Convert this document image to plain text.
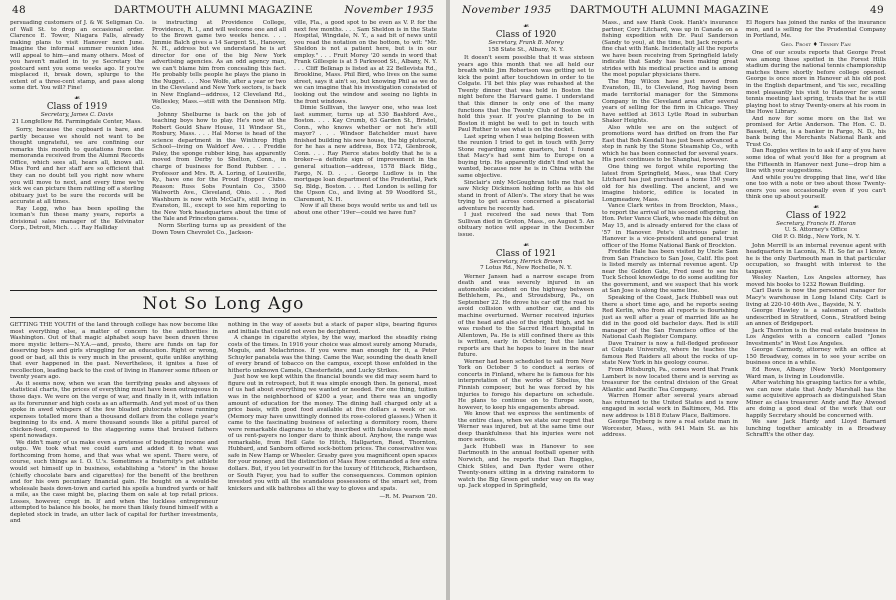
48	DARTMOUTH ALUMNI MAGAZINE	November 1935

persuading customers of J. & W. Seligman Co. of Wall St. to drop an occasional order. Clarence E. Tower, Niagara Falls, already making plans to visit Hanover next June. Imagine the informal summer reunion idea will appeal to him—and many others. Most of you haven't mailed in to ye Secretary the postcard sent you some weeks ago. If you're misplaced it, break down, splurge to the extent of a three-cent stamp, and pass along some dirt. You will? Fine!

☙
Class of 1919
Secretary, James C. Davis
21 Longfellow Rd. Farmingdale Center, Mass.

Sorry, because the cupboard is bare, and partly because we should not want to be thought ungrateful, we are confining our remarks this month to quotations from the memoranda received from the Alumni Records Office, which sees all, hears all, knows all. Miss Ford and her staff are so efficient that they can no doubt tell you right now where you will move to next, and every time we're sick we can picture them rattling off a sterling obituary just to be sure the records will be accurate at all times.

Ray Legg, who has been spoiling the iceman's fun these many years, reports a divisional sales manager of the Kelvinator Corp., Detroit, Mich. . . . Ray Halliday

is instructing at Providence College, Providence, R. I., and will welcome one and all to the Brown game two weeks hence. . . . Jimmie Balch gives a 14 Sargent St., Hanover, N. H., address but we understand he is art director for one of the big New York advertising agencies. As an odd agency man, we can't blame him from concealing this fact. He probably tells people he plays the piano in the Nugget. . . . Noe Wolfe, after a year or two in the Cleveland and New York sectors, is back in New England—address, 12 Cleveland Rd., Wellesley, Mass.—still with the Dennison Mfg. Co.

Johnny Shelburne is back on the job of teaching boys how to play. He's now at the Robert Gould Shaw House, 11 Windsor St., Roxbury, Mass. . . . Hal Morse is head of the science department in the Winthrop High School—living on Waldorf Ave. . . . Freddie Paley, the sponge rubber king, has apparently moved from Derby to Shelton, Conn., in charge of business for Bond Rubber. . . . Professor and Mrs. R. A. Loring, of Louisville, Ky., have one for the Proud Hopper Clubs. Reason: Russ Sobs Fountain Co., 3500 Walworth Ave., Cleveland, Ohio. . . . Red Washburn is now with McCall's, still living in Evanston, Ill., except to see him reporting to the New York headquarters about the time of the Yale and Princeton games.

Norm Sterling turns up as president of the Down Town Chevrolet Co., Jackson-

ville, Fla., a good spot to be even as V. P. for the next few months. . . . Sam Sheldon is in the State Hospital, Wingdale, N. Y., a sad bit of news until you read the notation on the bottom, to wit: "Mr. Sheldon is not a patient here, but is in our employ." . . . Fruit Morey '20 sends in word that Frank Gillespie is at 5 Parkwood St., Albany, N. Y. . . . Cliff Belknap is listed as at 22 Bellevista Rd., Brookline, Mass. Phil Bird, who lives on the same street, says it ain't so, but knowing Phil as we do we can imagine that his investigation consisted of looking out the window and seeing no lights in the front windows.

Dimie Sullivan, the lawyer one, who was lost last summer, turns up at 530 Bashford Ave., Boston. . . . Kay Crumb, 63 Garden St., Bristol, Conn., who knows whether or not he's still mayor? . . . Windsor Batchelder must have finished building his new house, the big plutocrat, for he has a new address, Box 172, Glenbrook, Conn. . . . Ray Pierce states boldly that he is a broker—a definite sign of improvement in the general situation—address, 1578 Black Bldg., Fargo, N. D. . . . George Ludlow is in the mortgage loan department of the Prudential, Park Sq. Bldg., Boston. . . . Red London is selling for the Upson Co., and living at 59 Woodford St., Claremont, N. H.

Now if all these boys would write us and tell us about one other '19er—could we have fun?

Not So Long Ago

GETTING THE YOUTH of the land through college has now become like most everything else, a matter of concern to the authorities in Washington. Out of that magic alphabet soup have been drawn three more mystic letters—N.Y.A.—and, presto, there are funds on tap for deserving boys and girls struggling for an education. Right or wrong, good or bad, all this is very much in the present, quite unlike anything that ever happened in the past. Nevertheless, it ignites a fuse of recollection, leading back to the cost of living in Hanover some fifteen or twenty years ago.

As it seems now, when we scan the terrifying peaks and abysses of statistical charts, the prices of everything must have been outrageous in those days. We were on the verge of war, and finally in it, with inflation as its forerunner and high costs as an aftermath. And yet most of us then spoke in awed whispers of the few bloated plutocrats whose running expenses totalled more than a thousand dollars from the college year's beginning to its end. A mere thousand sounds like a pitiful parcel of chicken-feed, compared to the staggering sums that bruised fathers spent nowadays.

We didn't many of us make even a pretense of budgeting income and outgo. We took what we could earn and added it to what was forthcoming from home, and that was what we spent. There were, of course, such things as I. O. U.'s. Sometimes a fraternity's pet athlete would set himself up in business, establishing a "store" in the house (chiefly chocolate bars and cigarettes) for the benefit of the brethren and for his own pecuniary financial gain. He bought on a would-be wholesale basis down-town and carted his spoils a hundred yards or half a mile, as the case might be, placing them on sale at top retail prices. Losses, however, crept in. If and when the luckless entrepreneur attempted to balance his books, he more than likely found himself with a depleted stock in trade, an utter lack of capital for further investments, and

nothing in the way of assets but a stack of paper slips, bearing figures and initials that could not even be deciphered.

A change in cigarette styles, by the way, marked the steadily rising costs of the times. In 1916 your choice was almost surely among Murads, Moguls, and Melachrinos. If you were man enough for it, a Peter Schuyler panatela was the thing. Came the War, sounding the death knell of every brand of tobacco on the campus, except those enfolded in the hitherto unknown Camels, Chesterfields, and Lucky Strikes.

Just how we kept within the financial bounds we did may seem hard to figure out in retrospect, but it was simple enough then. In general, most of us had about everything we wanted or needed. For one thing, tuition was in the neighborhood of $200 a year, and there was an ungodly amount of education for the money. The dining hall charged only at a price basis, with good food available at five dollars a week or so. (Memory may have unwittingly donned its rose-colored glasses.) When it came to the fascinating business of selecting a dormitory room, there were remarkable diagrams to study, inscribed with fabulous words most of us rent-payers no longer dare to think about. Anyhow, the range was remarkable, from Hell Gate to Hitch, Hallgarten, Reed, Thornton, Hubbard, and Sanborn offered sock-bottom prices. The conservative was safe in New Hamp or Wheeler. Grasby gave you magnificent open spaces for your money, and the distinction of Mass Row commanded a few extra dollars. But, if you let yourself in for the luxury of Hitchcock, Richardson, or South Fayer, you had to suffer the consequences. Common opinion invested you with all the scandalous possessions of the smart set, from knickers and silk bathrobes all the way to gloves and spats.

—R. M. Pearson '20.
November 1935 DARTMOUTH ALUMNI MAGAZINE	49
☙
Class of 1920
Secretary, Frank B. Morey
158 State St., Albany, N. Y.

It doesn't seem possible that it was sixteen years ago this month that we all held our breath while Jim Robertson was getting set to kick the point after touchdown in order to tie Colgate. I'll bet this play was rehashed at the Twenty dinner that was held in Boston the night before the Harvard game. I understand that this dinner is only one of the many functions that the Twenty Club of Boston will hold this year. If you're planning to be in Boston it might be well to get in touch with Paul Ruther to see what is on the docket.

Last spring when I was helping Boswen with the reunion I tried to get in touch with Jerry Stone regarding some quarters, but I found that Macy's had sent him to Europe on a buying trip. He apparently didn't find what he wanted, because now he is in China with the same objective.

Sinclair's only McGoughran tells me that he saw Nicky Dickinson holding forth as his old stand in front of Allen's. The story that he was trying to get across concerned a piscatorial adventure he recently had.

I just received the sad news that Tom Sullivan died in Groton, Mass., on August 5. An obituary notice will appear in the December issue.

☙
Class of 1921
Secretary, Herrick Brown
7 Lotus Rd., New Rochelle, N. Y.

Werner Jansen had a narrow escape from death and was severely injured in an automobile accident on the highway between Bethlehem, Pa., and Stroudsburg, Pa., on September 22. He drove his car off the road to avoid collision with another car, and his machine overturned. Werner received injuries of the head and also of the right thigh, and he was rushed to the Sacred Heart hospital in Allentown, Pa. He is still confined there as this is written, early in October, but the latest reports are that he hopes to leave in the near future.

Werner had been scheduled to sail from New York on October 5 to conduct a series of concerts in Finland, where he is famous for his interpretation of the works of Sibelius, the Finnish composer, but he was forced by his injuries to forego his departure on schedule. He plans to continue on to Europe soon, however, to keep his engagements abroad.

We know that we express the sentiments of the entire class, when we state our regret that Werner was injured, but at the same time our deep thankfulness that his injuries were not more serious.

Jack Hubbell was in Hanover to see Dartmouth in the annual football opener with Norwich, and he reports that Dan Ruggles, Chick Stiles, and Dan Ryder were other Twenty-oners sitting in a driving rainstorm to watch the Big Green get under way on its way up. Jack stopped in Springfield,

Mass., and saw Hank Cook. Hank's insurance partner, Cory Litchard, was up in Canada on a fishing expedition with Dr. Paul Sanderson (Sandy to you), at the time, but Jack reports a fine chat with Hank. Incidentally all the reports we have been receiving from Springfield lately indicate that Sandy has been making great strides with his medical practice and is among the most popular physicians there.

The Rog Wilcox have just moved from Evanston, Ill., to Cleveland, Rog having been made territorial manager for the Simmons Company in the Cleveland area after several years of selling for the firm in Chicago. They have settled at 3613 Lytle Road in suburban Shaker Heights.

Also while we are on the subject of promotions word has drifted on from the Far East that Bob Kendall has just been advanced a step in rank by the Stone Steamship Co., with which he has been connected for several years. His post continues to be Shanghai, however.

One thing we forgot while reporting the latest from Springfield, Mass., was that Cory Litchard has just purchased a home 150 years old for his dwelling. The ancient, and we imagine historic, edifice is located in Longmeadow, Mass.

Vance Clark writes in from Brockton, Mass., to report the arrival of his second offspring, the Hon. Peter Vance Clark, who made his début on May 15, and is already entered for the class of '57 in Hanover. Pete's illustrious pater in Hanover is a vice-president and general trust officer of the Home National Bank of Brockton.

Freddie Hale has been visited by Uncle Sam from San Francisco to San Jose, Calif. His post is listed merely as internal revenue agent. Up near the Golden Gate, Fred used to see his Tuck School knowledge to do some auditing for the government, and we suspect that his work at San Jose is along the same line.

Speaking of the Coast, Jack Hubbell was out there a short time ago, and he reports seeing Red Kerlin, who from all reports is flourishing just as well after a year of married life as he did in the good old bachelor days. Red is still manager of the San Francisco office of the National Cash Register Company.

Dave Trainer is now a full-fledged professor at Colgate University, where he teaches the famous Red Raiders all about the rocks of up-state New York in his geology course.

From Pittsburgh, Pa., comes word that Frank Lambert is now located there and is serving as treasurer for the central division of the Great Atlantic and Pacific Tea Company.

Warren Homer after several years abroad has returned to the United States and is now engaged in social work in Baltimore, Md. His new address is 1818 Eutaw Place, Baltimore.

George Thyberg is now a real estate man in Worcester, Mass., with 941 Main St. as his address.

El Rogers has joined the ranks of the insurance men, and is selling for the Prudential Company in Portland, Me.

Geo. Frost ♦ Tenney Fan

One of our scouts reports that George Frost was among those spotted in the Forest Hills stadium during the national tennis championship matches there shortly before college opened. George is once more in Hanover at his old post in the English department, and 'tis sec, recalling most pleasantly his visit to Hanover for some tennis meeting last spring, trusts that he is still playing host to stray Twenty-oners at his room in the Howe Library.

And now for some more on the list we promised for Artie Anderson. The Hon. C. D. Bassett, Artie, is a banker in Fargo, N. D., his bank being the Merchants National Bank and Trust Co.

Dan Ruggles writes in to ask if any of you have some idea of what you'd like for a program at the Fifteenth in Hanover next June—drop him a line with your suggestions.

And while you're dropping that line, we'd like one too with a note or two about those Twenty-oners you see occasionally even if you can't think one up about yourself.

☙
Class of 1922
Secretary, Francis H. Horan
U. S. Attorney's Office
Old P. O. Bldg., New York, N. Y.

John Merrill is an internal revenue agent with headquarters in Laconia, N. H. So far as I know, he is the only Dartmouth man in that particular occupation, so fraught with interest to the taxpayer.

Wesley Naeten, Los Angeles attorney, has moved his books to 1232 Rowan Building.

Carl Davis is now the personnel manager for Macy's warehouse in Long Island City. Carl is living at 220-10 46th Ave., Bayside, N. Y.

George Hawley is a salesman of chattels undescribed in Stratford, Conn., Stratford being an annex of Bridgeport.

Jack Thornton is in the real estate business in Los Angeles with a concern called "Jones Investments" in West Los Angeles.

George Carmody, attorney with an office at 150 Broadway, comes in to see your scribe on business once in a while.

Ed Rowe, Albany (New York) Montgomery Ward man, is living in Loudonville.

After watching his grasping tactics for a while, we can now state that Andy Marshall has the same acquisitive approach as distinguished Stan Miner as class treasurer. Andy and Ray Atwood are doing a good deal of the work that our happily Secretary should be concerned with.

We saw Jack Hardy and Lloyd Barnard lunching together amicably in a Broadway Schrafft's the other day.
